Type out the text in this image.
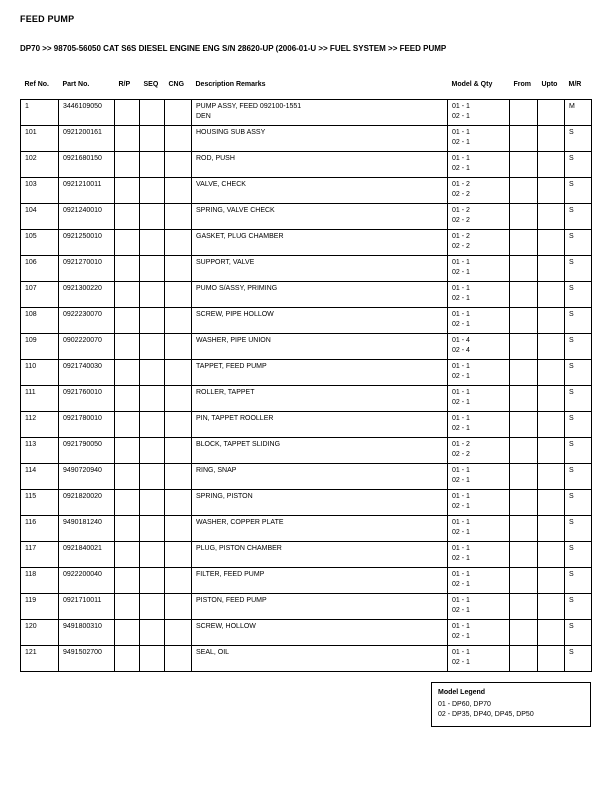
FEED PUMP
DP70 >> 98705-56050 CAT S6S DIESEL ENGINE ENG S/N 28620-UP (2006-01-U >> FUEL SYSTEM >> FEED PUMP
Ref No.	Part No.	R/P	SEQ	CNG	Description Remarks	Model & Qty	From	Upto	M/R
1	3446109050				PUMP ASSY, FEED 092100-1551
DEN	01 - 1
02 - 1			M
101	0921200161				HOUSING SUB ASSY	01 - 1
02 - 1			S
102	0921680150				ROD, PUSH	01 - 1
02 - 1			S
103	0921210011				VALVE, CHECK	01 - 2
02 - 2			S
104	0921240010				SPRING, VALVE CHECK	01 - 2
02 - 2			S
105	0921250010				GASKET, PLUG CHAMBER	01 - 2
02 - 2			S
106	0921270010				SUPPORT, VALVE	01 - 1
02 - 1			S
107	0921300220				PUMO S/ASSY, PRIMING	01 - 1
02 - 1			S
108	0922230070				SCREW, PIPE HOLLOW	01 - 1
02 - 1			S
109	0902220070				WASHER, PIPE UNION	01 - 4
02 - 4			S
110	0921740030				TAPPET, FEED PUMP	01 - 1
02 - 1			S
111	0921760010				ROLLER, TAPPET	01 - 1
02 - 1			S
112	0921780010				PIN, TAPPET ROOLLER	01 - 1
02 - 1			S
113	0921790050				BLOCK, TAPPET SLIDING	01 - 2
02 - 2			S
114	9490720940				RING, SNAP	01 - 1
02 - 1			S
115	0921820020				SPRING, PISTON	01 - 1
02 - 1			S
116	9490181240				WASHER, COPPER PLATE	01 - 1
02 - 1			S
117	0921840021				PLUG, PISTON CHAMBER	01 - 1
02 - 1			S
118	0922200040				FILTER, FEED PUMP	01 - 1
02 - 1			S
119	0921710011				PISTON, FEED PUMP	01 - 1
02 - 1			S
120	9491800310				SCREW, HOLLOW	01 - 1
02 - 1			S
121	9491502700				SEAL, OIL	01 - 1
02 - 1			S
Model Legend
01 - DP60, DP70
02 - DP35, DP40, DP45, DP50
